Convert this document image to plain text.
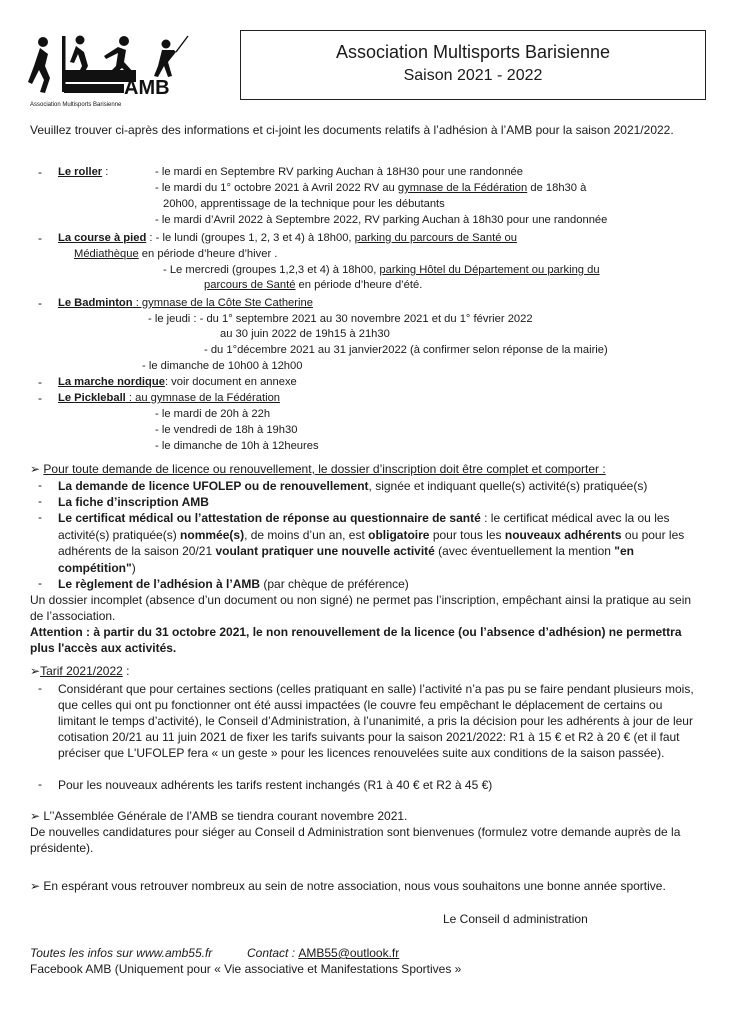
AMB
Association Multisports Barisienne
Association Multisports Barisienne
Saison 2021 - 2022
Veuillez trouver ci-après des informations et ci-joint les documents relatifs à l’adhésion à l’AMB pour la saison 2021/2022.
- Le roller :	- le mardi en Septembre RV parking Auchan à 18H30 pour une randonnée
- le mardi du 1° octobre 2021 à Avril 2022 RV au gymnase de la Fédération de 18h30 à
20h00, apprentissage de la technique pour les débutants
- le mardi d’Avril 2022 à Septembre 2022, RV parking Auchan à 18h30 pour une randonnée
- La course à pied : - le lundi (groupes 1, 2, 3 et 4) à 18h00, parking du parcours de Santé ou
Médiathèque en période d’heure d’hiver .
- Le mercredi (groupes 1,2,3 et 4) à 18h00, parking Hôtel du Département ou parking du
parcours de Santé en période d’heure d’été.
- Le Badminton : gymnase de la Côte Ste Catherine
- le jeudi : - du 1° septembre 2021 au 30 novembre 2021 et du 1° février 2022
au 30 juin 2022 de 19h15 à 21h30
- du 1°décembre 2021 au 31 janvier2022 (à confirmer selon réponse de la mairie)
- le dimanche de 10h00 à 12h00
- La marche nordique: voir document en annexe
- Le Pickleball : au gymnase de la Fédération
- le mardi de 20h à 22h
- le vendredi de 18h à 19h30
- le dimanche de 10h à 12heures
➢ Pour toute demande de licence ou renouvellement, le dossier d’inscription doit être complet et comporter :
- La demande de licence UFOLEP ou de renouvellement, signée et indiquant quelle(s) activité(s) pratiquée(s)
- La fiche d’inscription AMB
- Le certificat médical ou l’attestation de réponse au questionnaire de santé : le certificat médical avec la ou les activité(s) pratiquée(s) nommée(s), de moins d’un an, est obligatoire pour tous les nouveaux adhérents ou pour les adhérents de la saison 20/21 voulant pratiquer une nouvelle activité (avec éventuellement la mention "en compétition")
- Le règlement de l’adhésion à l’AMB (par chèque de préférence)
Un dossier incomplet (absence d’un document ou non signé) ne permet pas l’inscription, empêchant ainsi la pratique au sein de l’association.
Attention : à partir du 31 octobre 2021, le non renouvellement de la licence (ou l’absence d’adhésion) ne permettra plus l'accès aux activités.
➢Tarif 2021/2022 :
- Considérant que pour certaines sections (celles pratiquant en salle) l’activité n’a pas pu se faire pendant plusieurs mois, que celles qui ont pu fonctionner ont été aussi impactées (le couvre feu empêchant le déplacement de certains ou limitant le temps d’activité), le Conseil d’Administration, à l’unanimité, a pris la décision pour les adhérents à jour de leur cotisation 20/21 au 11 juin 2021 de fixer les tarifs suivants pour la saison 2021/2022: R1 à 15 € et R2 à 20 € (et il faut préciser que L'UFOLEP fera « un geste » pour les licences renouvelées suite aux conditions de la saison passée).
- Pour les nouveaux adhérents les tarifs restent inchangés (R1 à 40 € et R2 à 45 €)
➢ L’’Assemblée Générale de l’AMB se tiendra courant novembre 2021.
De nouvelles candidatures pour siéger au Conseil d Administration sont bienvenues (formulez votre demande auprès de la présidente).
➢ En espérant vous retrouver nombreux au sein de notre association, nous vous souhaitons une bonne année sportive.
Le Conseil d administration
Toutes les infos sur www.amb55.fr	Contact : AMB55@outlook.fr
Facebook AMB (Uniquement pour « Vie associative et Manifestations Sportives »
